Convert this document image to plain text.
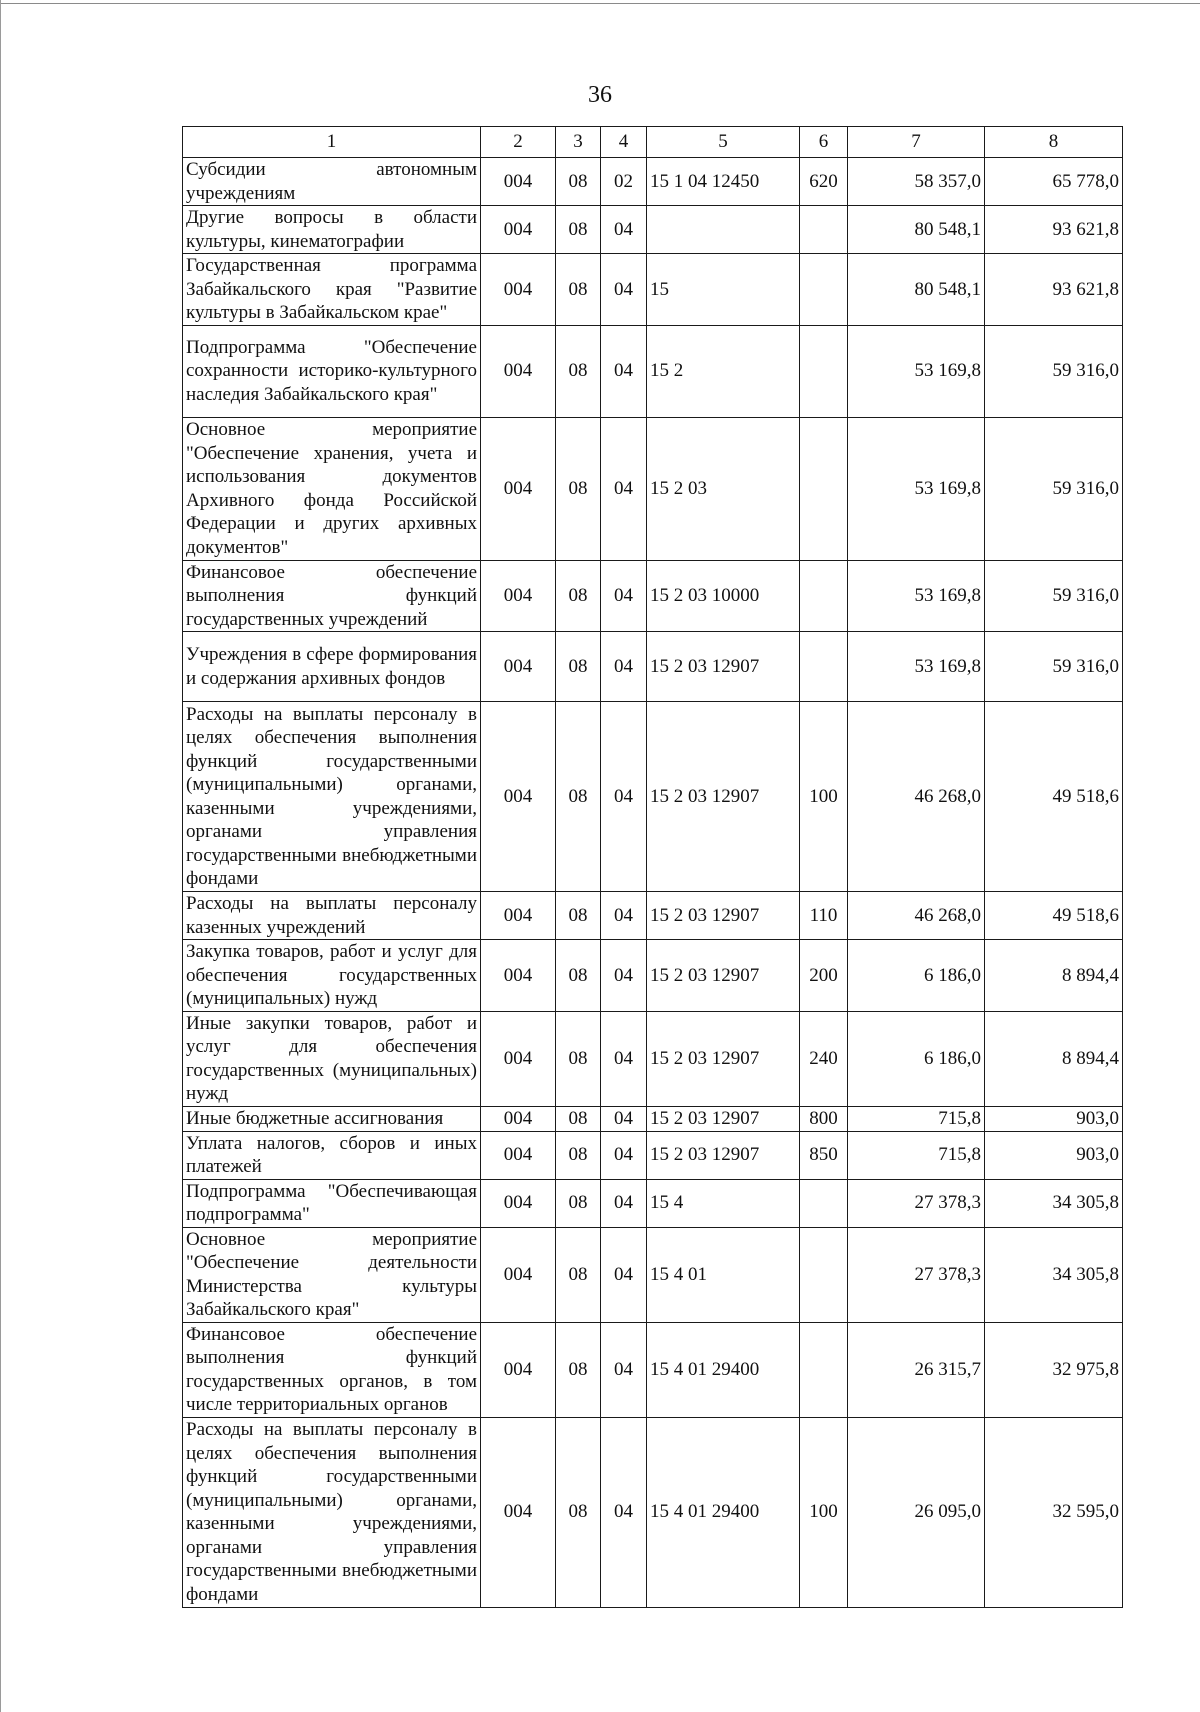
36
1	2	3	4	5	6	7	8
Субсидии автономным учреждениям	004	08	02	15 1 04 12450	620	58 357,0	65 778,0
Другие вопросы в области культуры, кинематографии	004	08	04			80 548,1	93 621,8
Государственная программа Забайкальского края "Развитие культуры в Забайкальском крае"	004	08	04	15		80 548,1	93 621,8
Подпрограмма "Обеспечение сохранности историко-культурного наследия Забайкальского края"	004	08	04	15 2		53 169,8	59 316,0
Основное мероприятие "Обеспечение хранения, учета и использования документов Архивного фонда Российской Федерации и других архивных документов"	004	08	04	15 2 03		53 169,8	59 316,0
Финансовое обеспечение выполнения функций государственных учреждений	004	08	04	15 2 03 10000		53 169,8	59 316,0
Учреждения в сфере формирования и содержания архивных фондов	004	08	04	15 2 03 12907		53 169,8	59 316,0
Расходы на выплаты персоналу в целях обеспечения выполнения функций государственными (муниципальными) органами, казенными учреждениями, органами управления государственными внебюджетными фондами	004	08	04	15 2 03 12907	100	46 268,0	49 518,6
Расходы на выплаты персоналу казенных учреждений	004	08	04	15 2 03 12907	110	46 268,0	49 518,6
Закупка товаров, работ и услуг для обеспечения государственных (муниципальных) нужд	004	08	04	15 2 03 12907	200	6 186,0	8 894,4
Иные закупки товаров, работ и услуг для обеспечения государственных (муниципальных) нужд	004	08	04	15 2 03 12907	240	6 186,0	8 894,4
Иные бюджетные ассигнования	004	08	04	15 2 03 12907	800	715,8	903,0
Уплата налогов, сборов и иных платежей	004	08	04	15 2 03 12907	850	715,8	903,0
Подпрограмма "Обеспечивающая подпрограмма"	004	08	04	15 4		27 378,3	34 305,8
Основное мероприятие "Обеспечение деятельности Министерства культуры Забайкальского края"	004	08	04	15 4 01		27 378,3	34 305,8
Финансовое обеспечение выполнения функций государственных органов, в том числе территориальных органов	004	08	04	15 4 01 29400		26 315,7	32 975,8
Расходы на выплаты персоналу в целях обеспечения выполнения функций государственными (муниципальными) органами, казенными учреждениями, органами управления государственными внебюджетными фондами	004	08	04	15 4 01 29400	100	26 095,0	32 595,0
